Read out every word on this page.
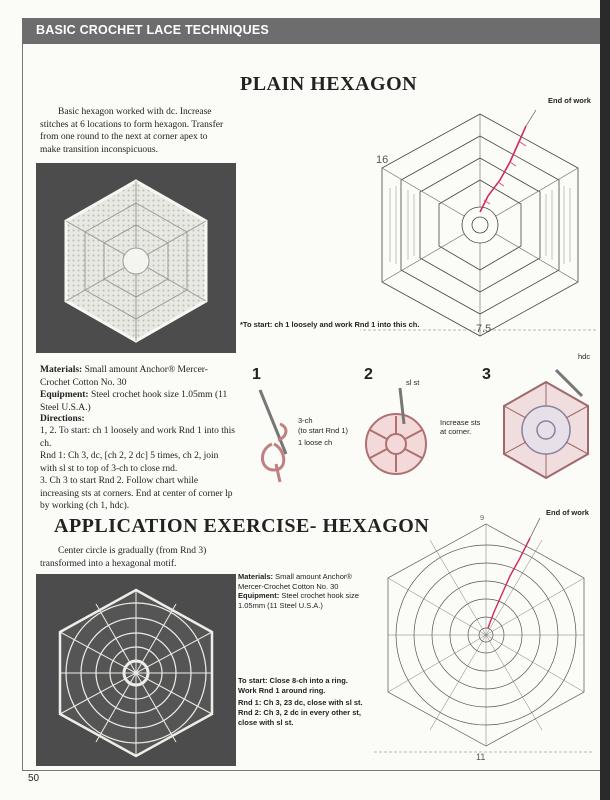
BASIC CROCHET LACE TECHNIQUES
PLAIN HEXAGON
Basic hexagon worked with dc. Increase stitches at 6 locations to form hexagon. Transfer from one round to the next at corner apex to make transition inconspicuous.
End of work
16
*To start: ch 1 loosely and work Rnd 1 into this ch.	7.5
Materials: Small amount Anchor® Mercer-Crochet Cotton No. 30
Equipment: Steel crochet hook size 1.05mm (11 Steel U.S.A.)
Directions:
1, 2. To start: ch 1 loosely and work Rnd 1 into this ch.
Rnd 1: Ch 3, dc, [ch 2, 2 dc] 5 times, ch 2, join with sl st to top of 3-ch to close rnd.
3. Ch 3 to start Rnd 2. Follow chart while increasing sts at corners. End at center of corner lp by working (ch 1, hdc).
1	2	3
3-ch
(to start Rnd 1)
1 loose ch
sl st
Increase sts
at corner.
hdc
APPLICATION EXERCISE- HEXAGON
Center circle is gradually (from Rnd 3) transformed into a hexagonal motif.
Materials: Small amount Anchor® Mercer-Crochet Cotton No. 30
Equipment: Steel crochet hook size 1.05mm (11 Steel U.S.A.)
To start: Close 8-ch into a ring. Work Rnd 1 around ring.
Rnd 1: Ch 3, 23 dc, close with sl st.
Rnd 2: Ch 3, 2 dc in every other st, close with sl st.
End of work
9
11
50
